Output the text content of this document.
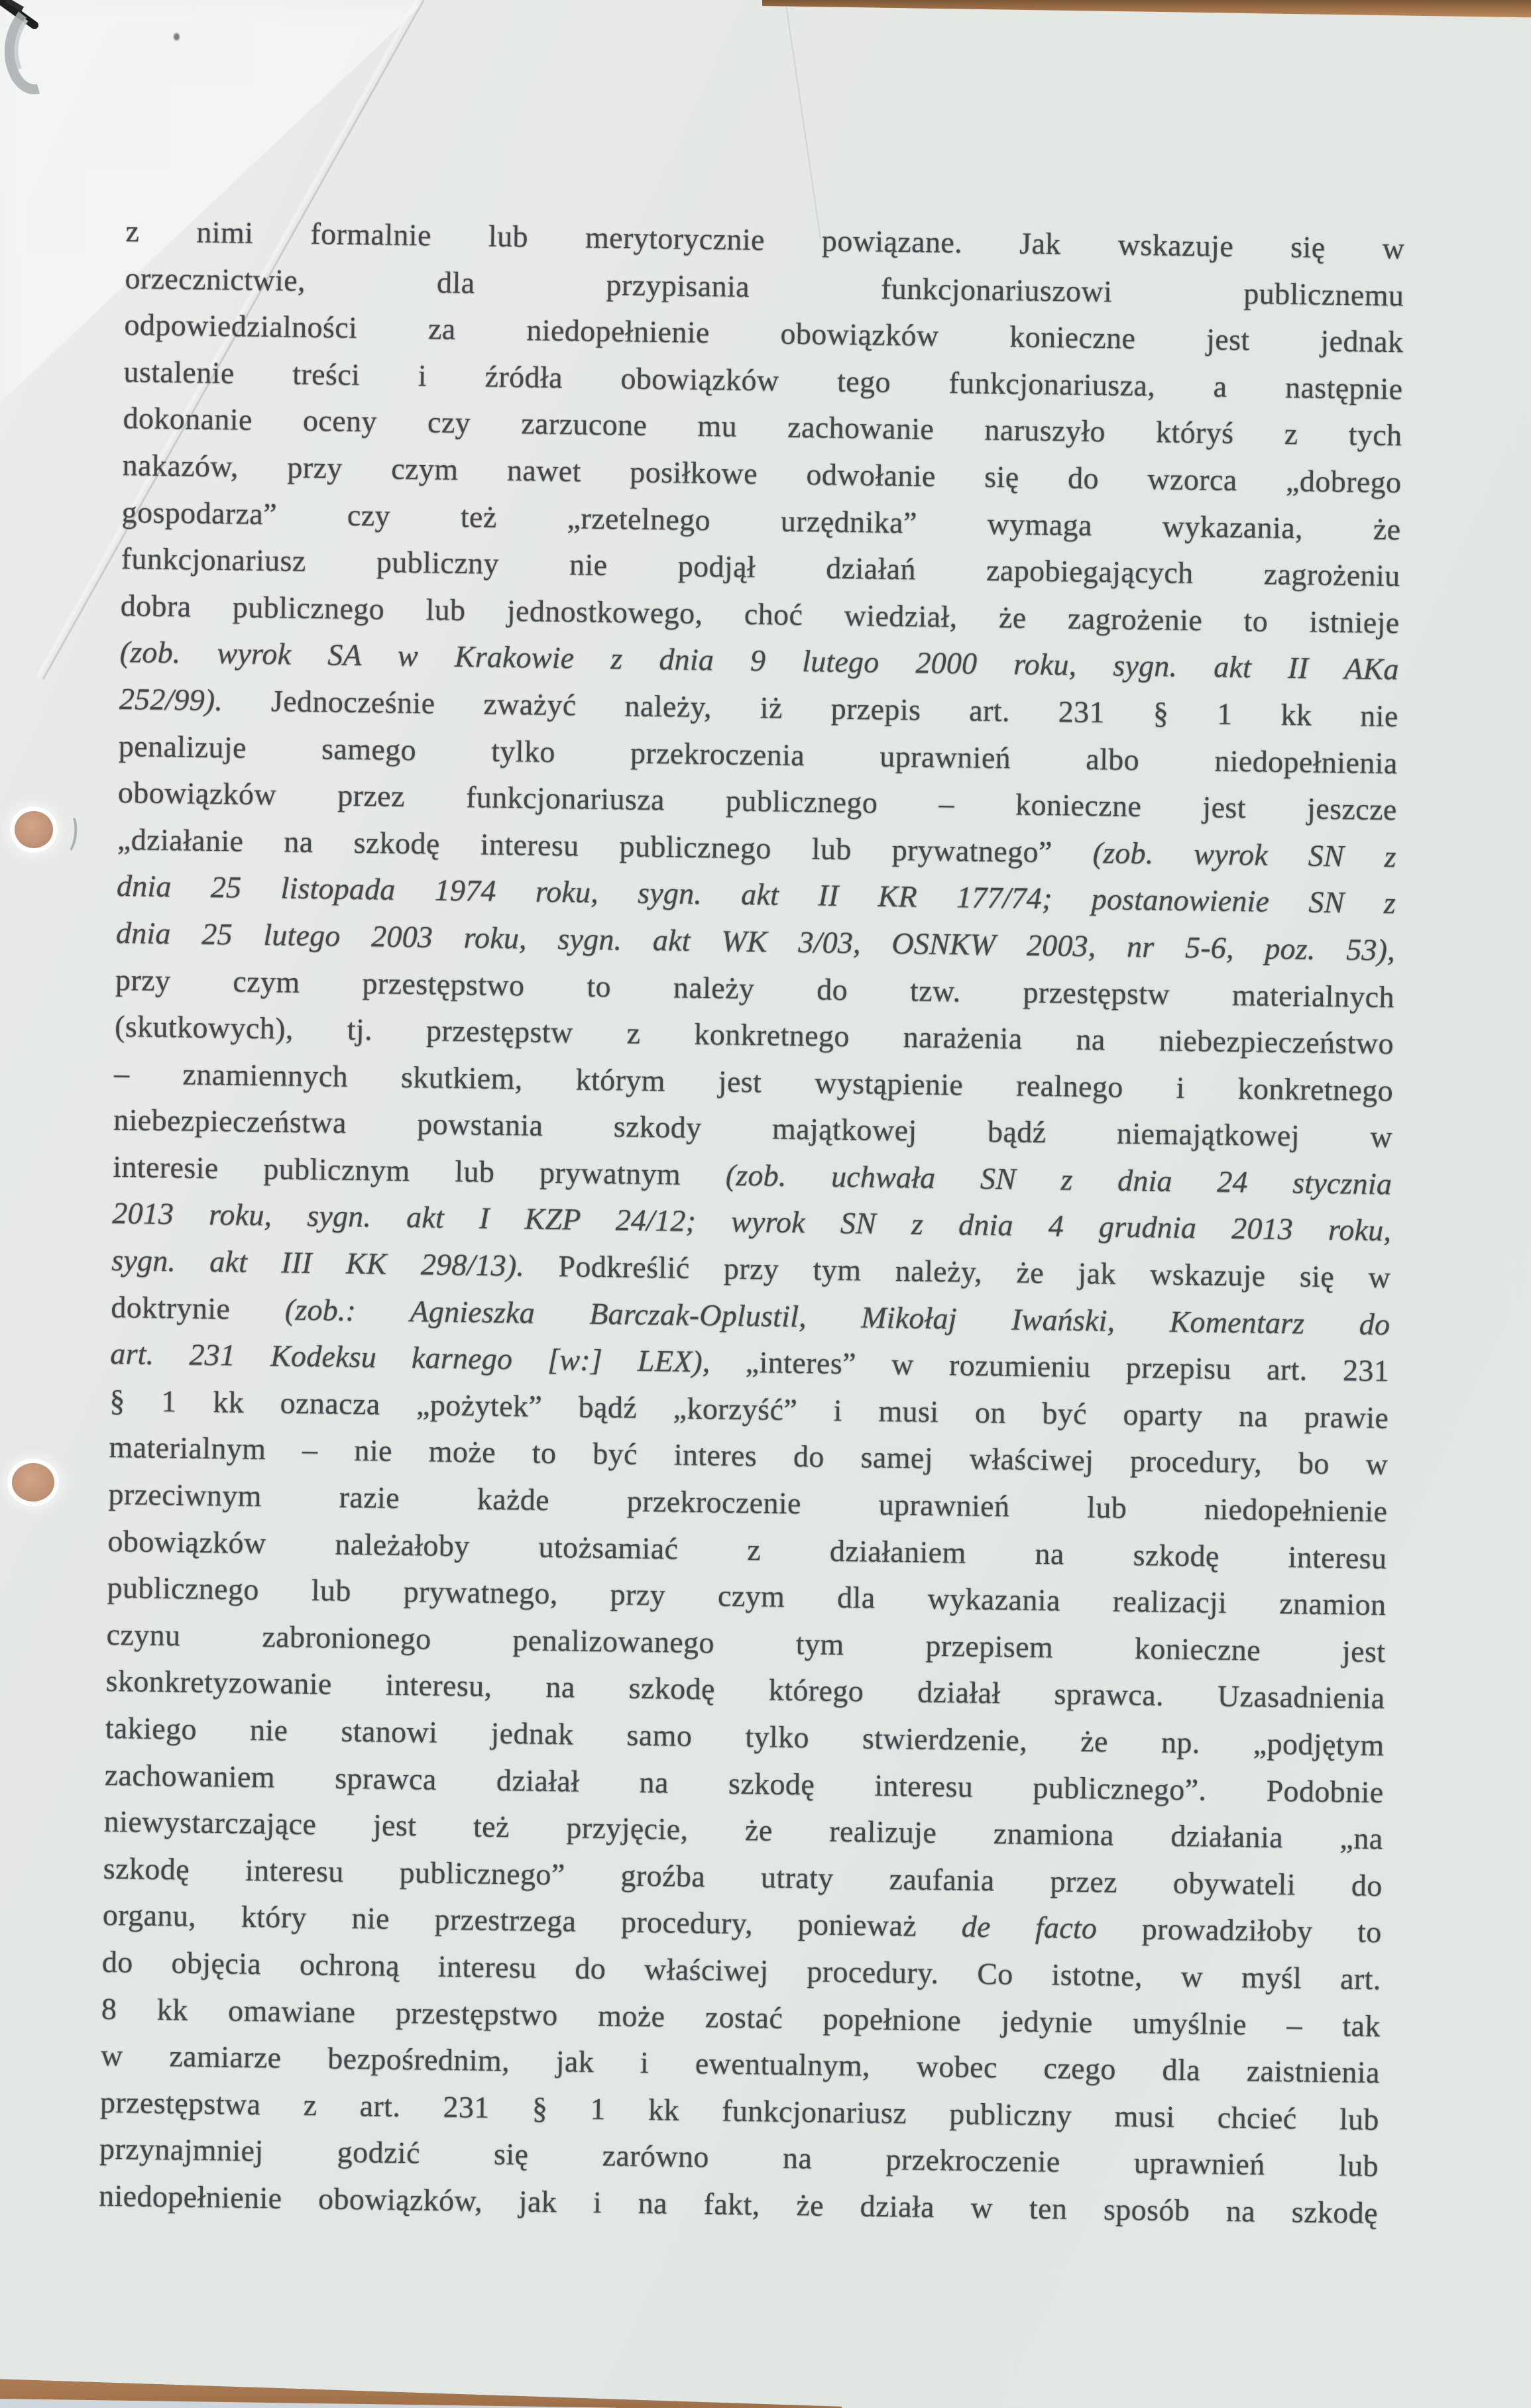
z nimi formalnie lub merytorycznie powiązane. Jak wskazuje się w
orzecznictwie, dla przypisania funkcjonariuszowi publicznemu
odpowiedzialności za niedopełnienie obowiązków konieczne jest jednak
ustalenie treści i źródła obowiązków tego funkcjonariusza, a następnie
dokonanie oceny czy zarzucone mu zachowanie naruszyło któryś z tych
nakazów, przy czym nawet posiłkowe odwołanie się do wzorca „dobrego
gospodarza” czy też „rzetelnego urzędnika” wymaga wykazania, że
funkcjonariusz publiczny nie podjął działań zapobiegających zagrożeniu
dobra publicznego lub jednostkowego, choć wiedział, że zagrożenie to istnieje
(zob. wyrok SA w Krakowie z dnia 9 lutego 2000 roku, sygn. akt II AKa
252/99). Jednocześnie zważyć należy, iż przepis art. 231 § 1 kk nie
penalizuje samego tylko przekroczenia uprawnień albo niedopełnienia
obowiązków przez funkcjonariusza publicznego – konieczne jest jeszcze
„działanie na szkodę interesu publicznego lub prywatnego” (zob. wyrok SN z
dnia 25 listopada 1974 roku, sygn. akt II KR 177/74; postanowienie SN z
dnia 25 lutego 2003 roku, sygn. akt WK 3/03, OSNKW 2003, nr 5-6, poz. 53),
przy czym przestępstwo to należy do tzw. przestępstw materialnych
(skutkowych), tj. przestępstw z konkretnego narażenia na niebezpieczeństwo
– znamiennych skutkiem, którym jest wystąpienie realnego i konkretnego
niebezpieczeństwa powstania szkody majątkowej bądź niemajątkowej w
interesie publicznym lub prywatnym (zob. uchwała SN z dnia 24 stycznia
2013 roku, sygn. akt I KZP 24/12; wyrok SN z dnia 4 grudnia 2013 roku,
sygn. akt III KK 298/13). Podkreślić przy tym należy, że jak wskazuje się w
doktrynie (zob.: Agnieszka Barczak-Oplustil, Mikołaj Iwański, Komentarz do
art. 231 Kodeksu karnego [w:] LEX), „interes” w rozumieniu przepisu art. 231
§ 1 kk oznacza „pożytek” bądź „korzyść” i musi on być oparty na prawie
materialnym – nie może to być interes do samej właściwej procedury, bo w
przeciwnym razie każde przekroczenie uprawnień lub niedopełnienie
obowiązków należałoby utożsamiać z działaniem na szkodę interesu
publicznego lub prywatnego, przy czym dla wykazania realizacji znamion
czynu zabronionego penalizowanego tym przepisem konieczne jest
skonkretyzowanie interesu, na szkodę którego działał sprawca. Uzasadnienia
takiego nie stanowi jednak samo tylko stwierdzenie, że np. „podjętym
zachowaniem sprawca działał na szkodę interesu publicznego”. Podobnie
niewystarczające jest też przyjęcie, że realizuje znamiona działania „na
szkodę interesu publicznego” groźba utraty zaufania przez obywateli do
organu, który nie przestrzega procedury, ponieważ de facto prowadziłoby to
do objęcia ochroną interesu do właściwej procedury. Co istotne, w myśl art.
8 kk omawiane przestępstwo może zostać popełnione jedynie umyślnie – tak
w zamiarze bezpośrednim, jak i ewentualnym, wobec czego dla zaistnienia
przestępstwa z art. 231 § 1 kk funkcjonariusz publiczny musi chcieć lub
przynajmniej godzić się zarówno na przekroczenie uprawnień lub
niedopełnienie obowiązków, jak i na fakt, że działa w ten sposób na szkodę
